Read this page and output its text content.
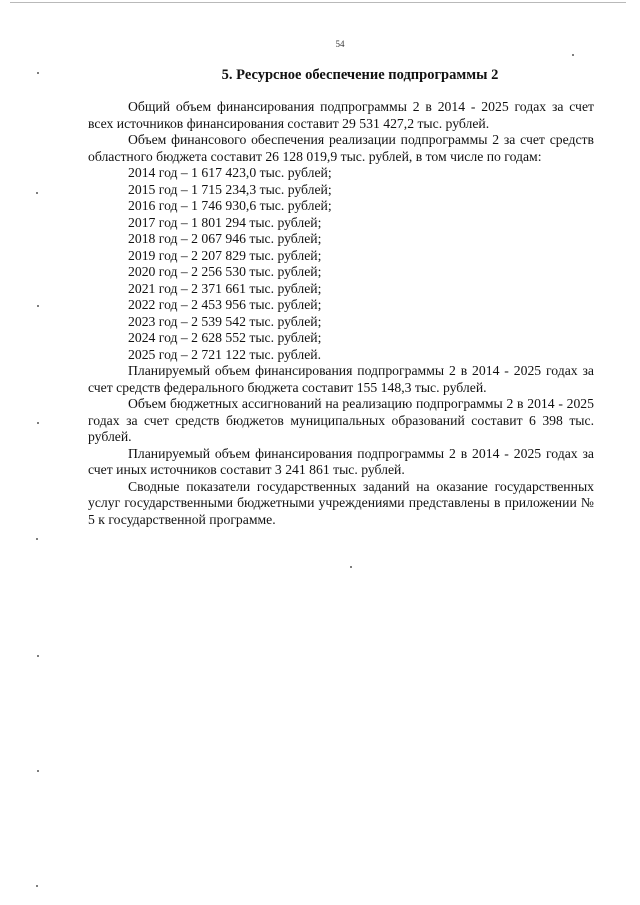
54
5. Ресурсное обеспечение подпрограммы 2

Общий объем финансирования подпрограммы 2 в 2014 - 2025 годах за счет всех источников финансирования составит 29 531 427,2 тыс. рублей.

Объем финансового обеспечения реализации подпрограммы 2 за счет средств областного бюджета составит 26 128 019,9 тыс. рублей, в том числе по годам:

2014 год – 1 617 423,0 тыс. рублей;
2015 год – 1 715 234,3 тыс. рублей;
2016 год – 1 746 930,6 тыс. рублей;
2017 год – 1 801 294 тыс. рублей;
2018 год – 2 067 946 тыс. рублей;
2019 год – 2 207 829 тыс. рублей;
2020 год – 2 256 530 тыс. рублей;
2021 год – 2 371 661 тыс. рублей;
2022 год – 2 453 956 тыс. рублей;
2023 год – 2 539 542 тыс. рублей;
2024 год – 2 628 552 тыс. рублей;
2025 год – 2 721 122 тыс. рублей.

Планируемый объем финансирования подпрограммы 2 в 2014 - 2025 годах за счет средств федерального бюджета составит 155 148,3 тыс. рублей.

Объем бюджетных ассигнований на реализацию подпрограммы 2 в 2014 - 2025 годах за счет средств бюджетов муниципальных образований составит 6 398 тыс. рублей.

Планируемый объем финансирования подпрограммы 2 в 2014 - 2025 годах за счет иных источников составит 3 241 861 тыс. рублей.

Сводные показатели государственных заданий на оказание государственных услуг государственными бюджетными учреждениями представлены в приложении № 5 к государственной программе.
